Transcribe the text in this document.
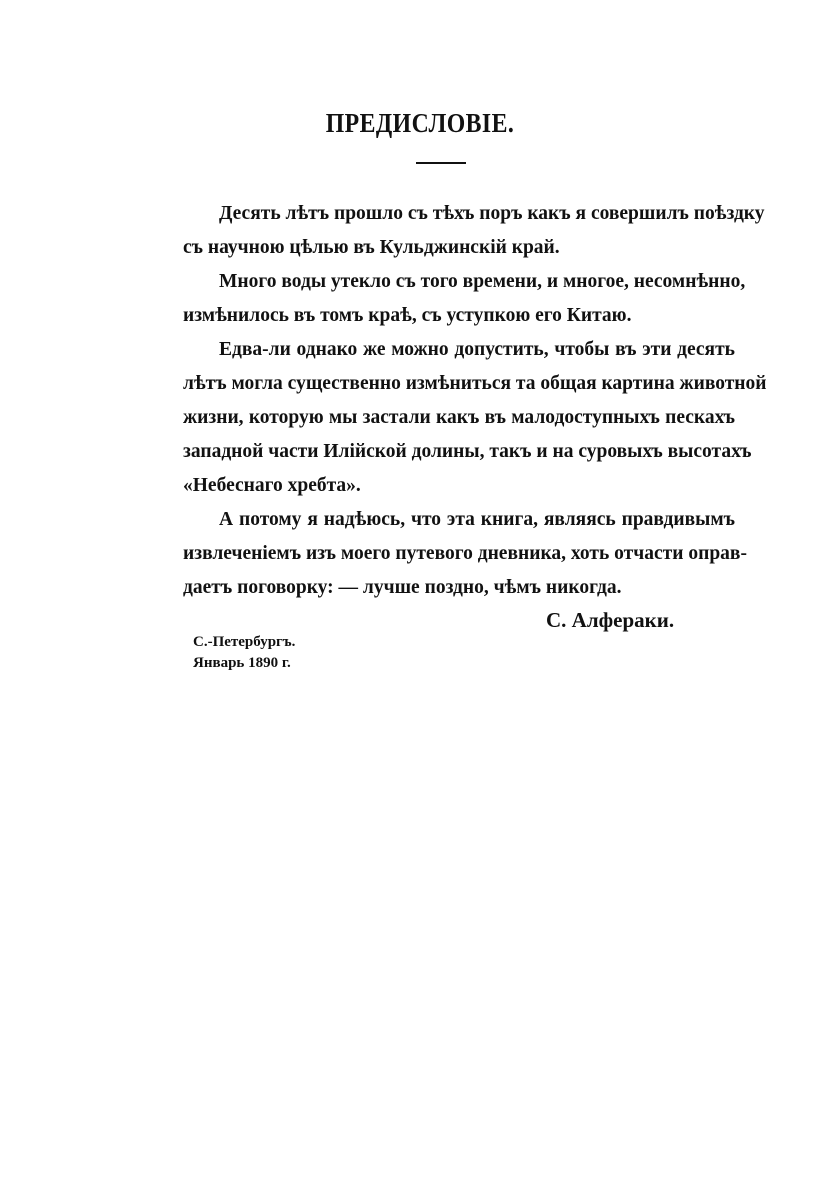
ПРЕДИСЛОВІЕ.
Десять лѣтъ прошло съ тѣхъ поръ какъ я совершилъ поѣздку
съ научною цѣлью въ Кульджинскій край.
Много воды утекло съ того времени, и многое, несомнѣнно,
измѣнилось въ томъ краѣ, съ уступкою его Китаю.
Едва-ли однако же можно допустить, чтобы въ эти десять
лѣтъ могла существенно измѣниться та общая картина животной
жизни, которую мы застали какъ въ малодоступныхъ пескахъ
западной части Илійской долины, такъ и на суровыхъ высотахъ
«Небеснаго хребта».
А потому я надѣюсь, что эта книга, являясь правдивымъ
извлеченіемъ изъ моего путевого дневника, хоть отчасти оправ-
даетъ поговорку: — лучше поздно, чѣмъ никогда.
С. Алфераки.
С.-Петербургъ.
Январь 1890 г.
